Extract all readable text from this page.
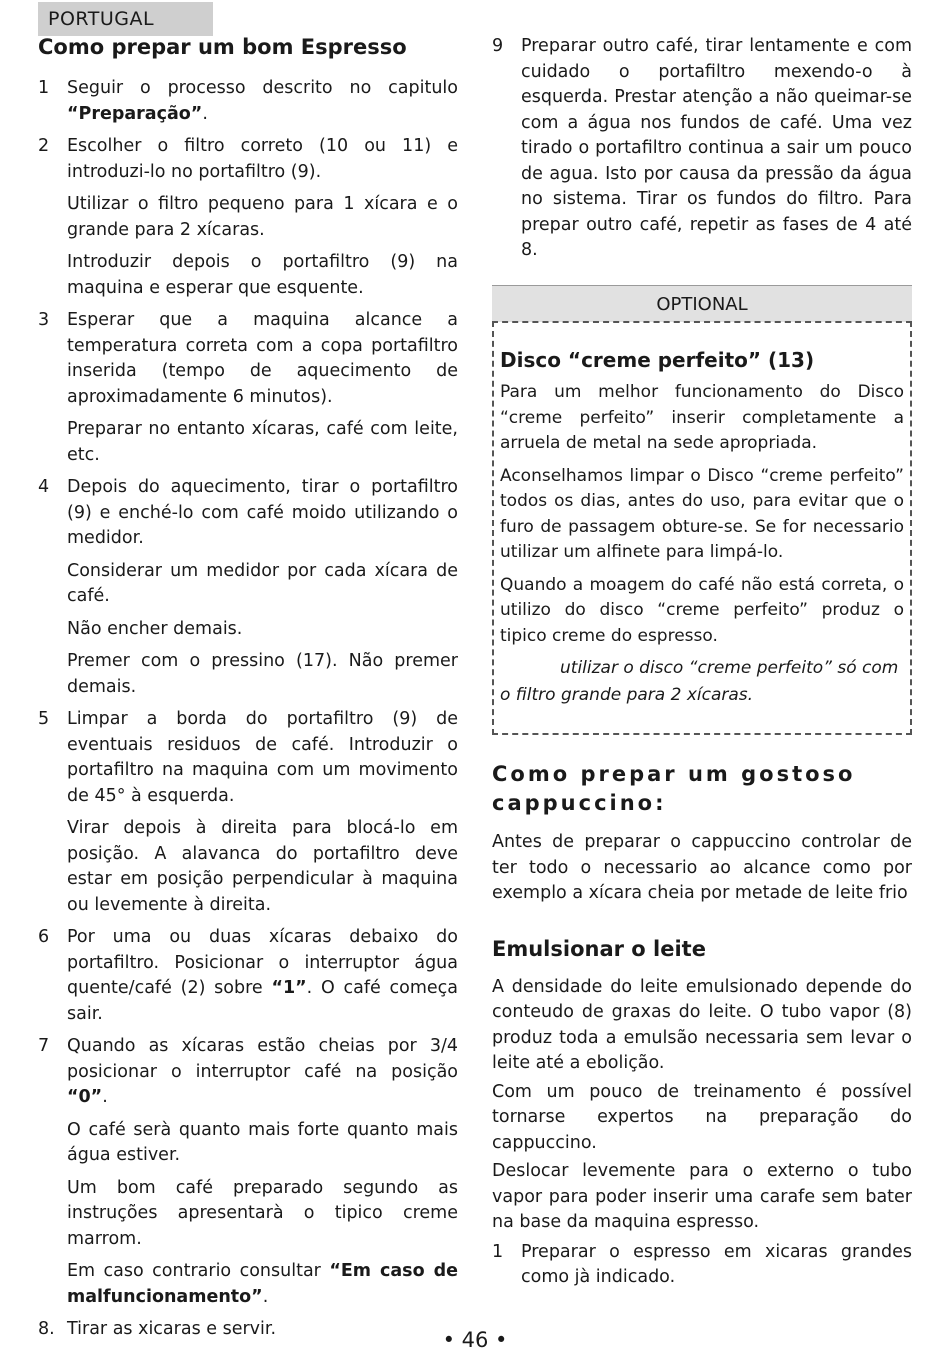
PORTUGAL
Como prepar um bom Espresso
1 Seguir o processo descrito no capitulo “Preparação”.

2 Escolher o filtro correto (10 ou 11) e introduzi-lo no portafiltro (9).

Utilizar o filtro pequeno para 1 xícara e o grande para 2 xícaras.

Introduzir depois o portafiltro (9) na maquina e esperar que esquente.

3 Esperar que a maquina alcance a temperatura correta com a copa portafiltro inserida (tempo de aquecimento de aproximadamente 6 minutos).

Preparar no entanto xícaras, café com leite, etc.

4 Depois do aquecimento, tirar o portafiltro (9) e enché-lo com café moido utilizando o medidor.

Considerar um medidor por cada xícara de café.

Não encher demais.

Premer com o pressino (17). Não premer demais.

5 Limpar a borda do portafiltro (9) de eventuais residuos de café. Introduzir o portafiltro na maquina com um movimento de 45° à esquerda.

Virar depois à direita para blocá-lo em posição. A alavanca do portafiltro deve estar em posição perpendicular à maquina ou levemente à direita.

6 Por uma ou duas xícaras debaixo do portafiltro. Posicionar o interruptor água quente/café (2) sobre “1”. O café começa sair.

7 Quando as xícaras estão cheias por 3/4 posicionar o interruptor café na posição “0”.

O café serà quanto mais forte quanto mais água estiver.

Um bom café preparado segundo as instruções apresentarà o tipico creme marrom.

Em caso contrario consultar “Em caso de malfuncionamento”.

8. Tirar as xicaras e servir.

9 Preparar outro café, tirar lentamente e com cuidado o portafiltro mexendo-o à esquerda. Prestar atenção a não queimar-se com a água nos fundos de café. Uma vez tirado o portafiltro continua a sair um pouco de agua. Isto por causa da pressão da água no sistema. Tirar os fundos do filtro. Para prepar outro café, repetir as fases de 4 até 8.

OPTIONAL
Disco “creme perfeito” (13)

Para um melhor funcionamento do Disco “creme perfeito” inserir completamente a arruela de metal na sede apropriada.

Aconselhamos limpar o Disco “creme perfeito” todos os dias, antes do uso, para evitar que o furo de passagem obture-se. Se for necessario utilizar um alfinete para limpá-lo.

Quando a moagem do café não está correta, o utilizo do disco “creme perfeito” produz o tipico creme do espresso.

utilizar o disco “creme perfeito” só com o filtro grande para 2 xícaras.

Como prepar um gostoso cappuccino:

Antes de preparar o cappuccino controlar de ter todo o necessario ao alcance como por exemplo a xícara cheia por metade de leite frio

Emulsionar o leite

A densidade do leite emulsionado depende do conteudo de graxas do leite. O tubo vapor (8) produz toda a emulsão necessaria sem levar o leite até a ebolição.

Com um pouco de treinamento é possível tornarse expertos na preparação do cappuccino.

Deslocar levemente para o externo o tubo vapor para poder inserir uma carafe sem bater na base da maquina espresso.

1 Preparar o espresso em xicaras grandes como jà indicado.

• 46 •
